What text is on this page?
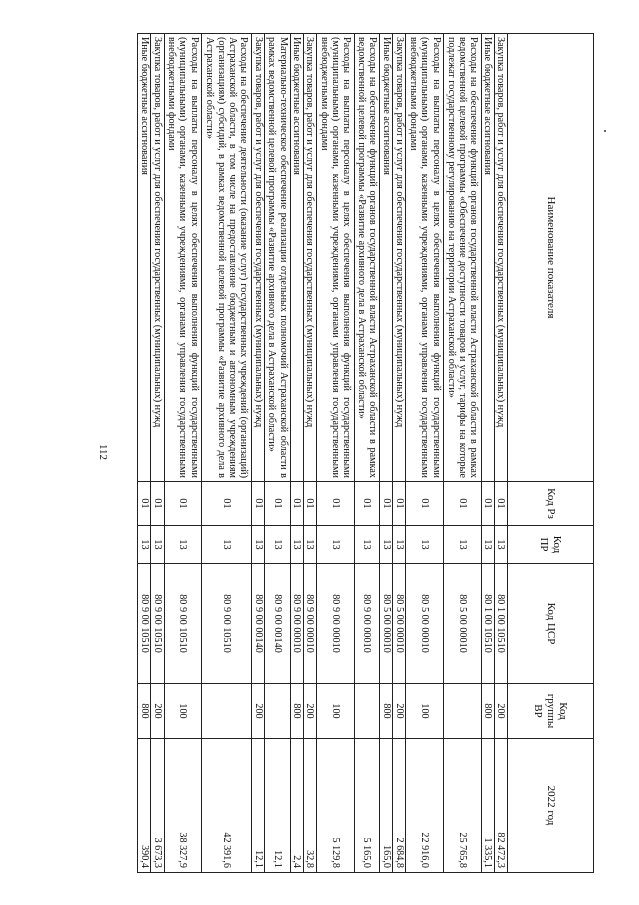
112
Наименование показателя	Код Рз	Код ПР	Код ЦСР	Код группы ВР	2022 год
Закупка товаров, работ и услуг для обеспечения государственных (муниципальных) нужд	01	13	80 1 00 10510	200	82 472,3
Иные бюджетные ассигнования	01	13	80 1 00 10510	800	1 335,1
Расходы на обеспечение функций органов государственной власти Астраханской области в рамках ведомственной целевой программы «Обеспечение доступности товаров и услуг, тарифы на которые подлежат государственному регулированию на территории Астраханской области»	01	13	80 5 00 00010		25 765,8
Расходы на выплаты персоналу в целях обеспечения выполнения функций государственными (муниципальными) органами, казенными учреждениями, органами управления государственными внебюджетными фондами	01	13	80 5 00 00010	100	22 916,0
Закупка товаров, работ и услуг для обеспечения государственных (муниципальных) нужд	01	13	80 5 00 00010	200	2 684,8
Иные бюджетные ассигнования	01	13	80 5 00 00010	800	165,0
Расходы на обеспечение функций органов государственной власти Астраханской области в рамках ведомственной целевой программы «Развитие архивного дела в Астраханской области»	01	13	80 9 00 00010		5 165,0
Расходы на выплаты персоналу в целях обеспечения выполнения функций государственными (муниципальными) органами, казенными учреждениями, органами управления государственными внебюджетными фондами	01	13	80 9 00 00010	100	5 129,8
Закупка товаров, работ и услуг для обеспечения государственных (муниципальных) нужд	01	13	80 9 00 00010	200	32,8
Иные бюджетные ассигнования	01	13	80 9 00 00010	800	2,4
Материально-техническое обеспечение реализации отдельных полномочий Астраханской области в рамках ведомственной целевой программы «Развитие архивного дела в Астраханской области»	01	13	80 9 00 00140		12,1
Закупка товаров, работ и услуг для обеспечения государственных (муниципальных) нужд	01	13	80 9 00 00140	200	12,1
Расходы на обеспечение деятельности (оказание услуг) государственных учреждений (организаций) Астраханской области, в том числе на предоставление бюджетным и автономным учреждениям (организациям) субсидий, в рамках ведомственной целевой программы «Развитие архивного дела в Астраханской области»	01	13	80 9 00 10510		42 391,6
Расходы на выплаты персоналу в целях обеспечения выполнения функций государственными (муниципальными) органами, казенными учреждениями, органами управления государственными внебюджетными фондами	01	13	80 9 00 10510	100	38 327,9
Закупка товаров, работ и услуг для обеспечения государственных (муниципальных) нужд	01	13	80 9 00 10510	200	3 673,3
Иные бюджетные ассигнования	01	13	80 9 00 10510	800	390,4
